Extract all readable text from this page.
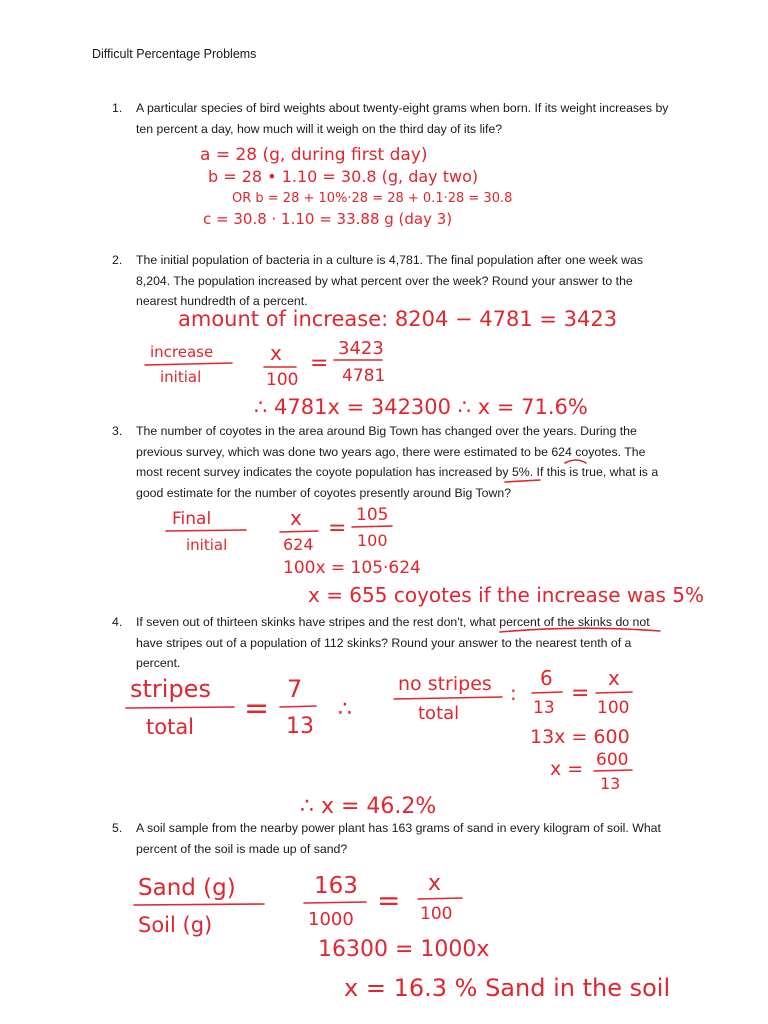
Difficult Percentage Problems
1. A particular species of bird weights about twenty-eight grams when born. If its weight increases by ten percent a day, how much will it weigh on the third day of its life?
2. The initial population of bacteria in a culture is 4,781. The final population after one week was 8,204. The population increased by what percent over the week? Round your answer to the nearest hundredth of a percent.
3. The number of coyotes in the area around Big Town has changed over the years. During the previous survey, which was done two years ago, there were estimated to be 624 coyotes. The most recent survey indicates the coyote population has increased by 5%. If this is true, what is a good estimate for the number of coyotes presently around Big Town?
4. If seven out of thirteen skinks have stripes and the rest don't, what percent of the skinks do not have stripes out of a population of 112 skinks? Round your answer to the nearest tenth of a percent.
5. A soil sample from the nearby power plant has 163 grams of sand in every kilogram of soil. What percent of the soil is made up of sand?
a = 28 (g, during first day)
b = 28 • 1.10 = 30.8 (g, day two)
OR b = 28 + 10%·28 = 28 + 0.1·28 = 30.8
c = 30.8 · 1.10 = 33.88 g (day 3)
amount of increase: 8204 − 4781 = 3423
increase
initial
x
100
=
3423
4781
∴ 4781x = 342300 ∴ x = 71.6%
Final
initial
x
624
=
105
100
100x = 105·624
x = 655 coyotes if the increase was 5%
stripes
total
=
7
13
∴
no stripes
total
:
6
13
=
x
100
13x = 600
x = 600
13
∴ x = 46.2%
Sand (g)
Soil (g)
163
1000
=
x
100
16300 = 1000x
x = 16.3 % Sand in the soil
